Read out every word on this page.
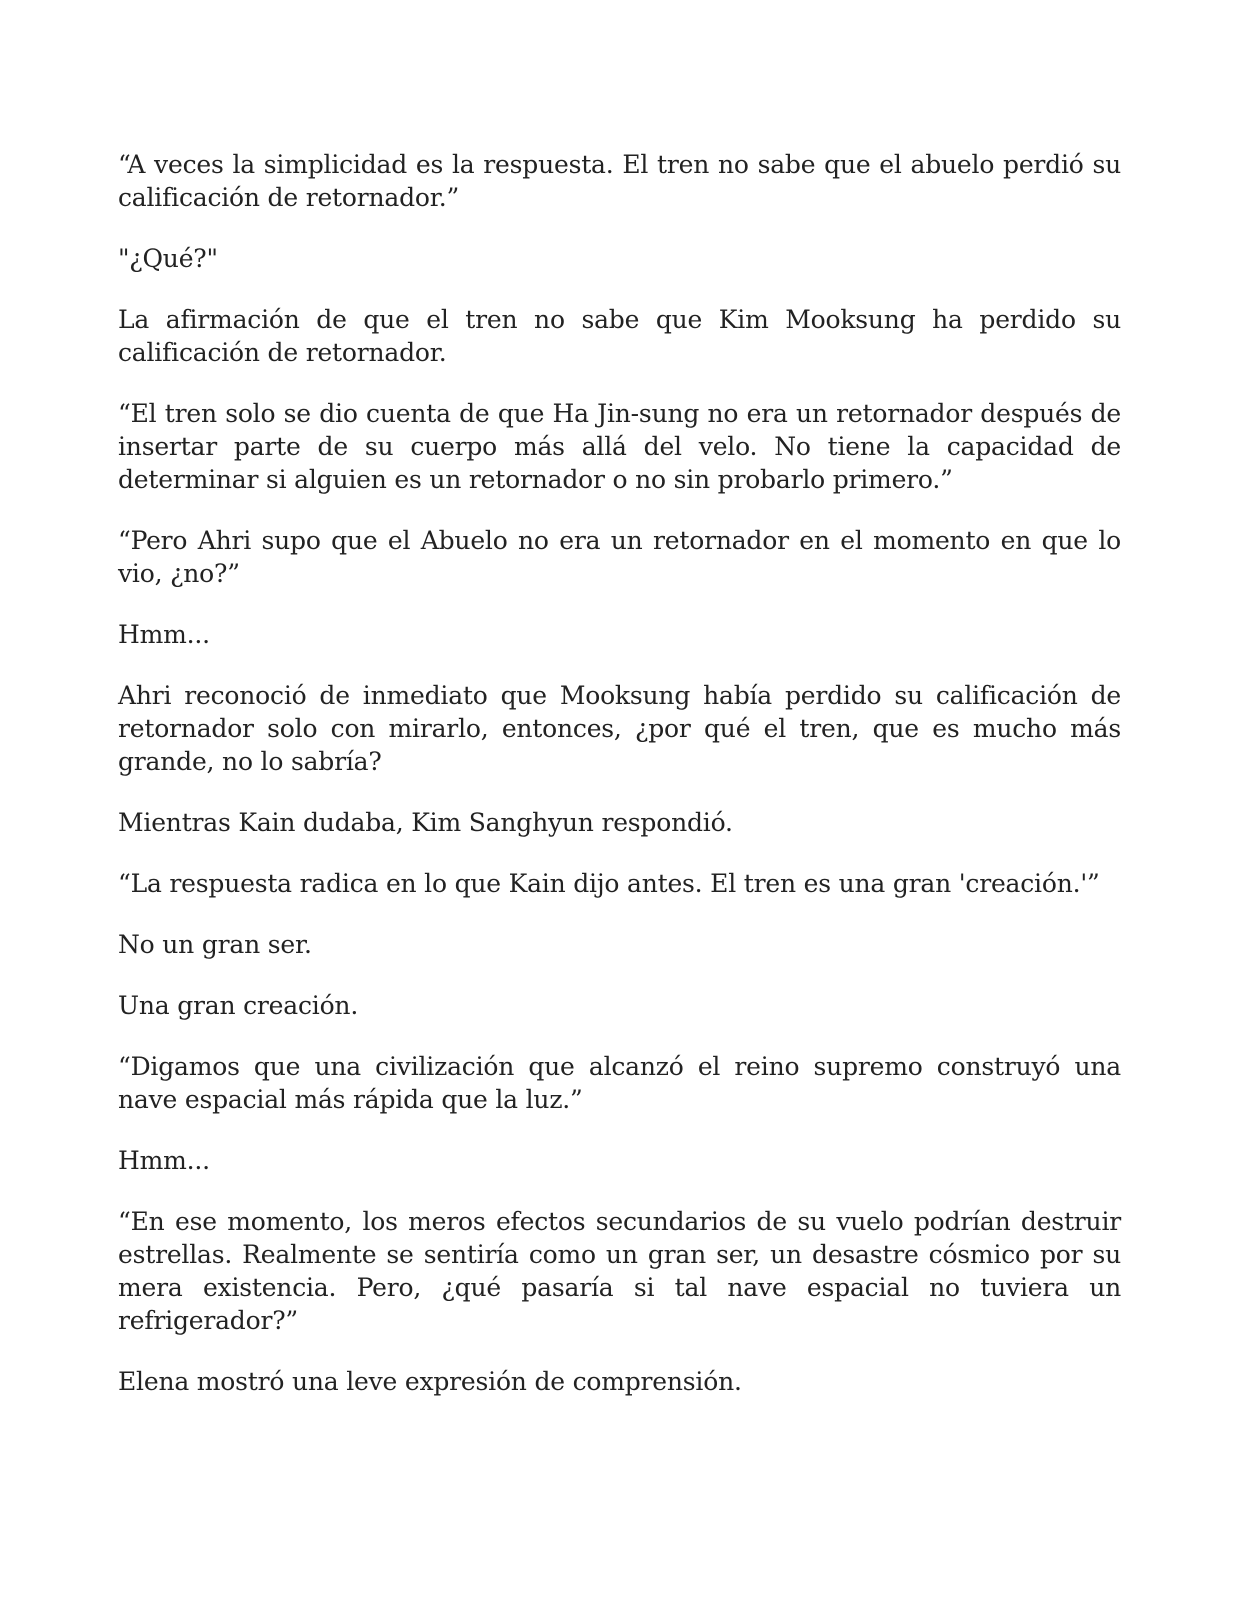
“A veces la simplicidad es la respuesta. El tren no sabe que el abuelo perdió su calificación de retornador.”

"¿Qué?"

La afirmación de que el tren no sabe que Kim Mooksung ha perdido su calificación de retornador.

“El tren solo se dio cuenta de que Ha Jin-sung no era un retornador después de insertar parte de su cuerpo más allá del velo. No tiene la capacidad de determinar si alguien es un retornador o no sin probarlo primero.”

“Pero Ahri supo que el Abuelo no era un retornador en el momento en que lo vio, ¿no?”

Hmm...

Ahri reconoció de inmediato que Mooksung había perdido su calificación de retornador solo con mirarlo, entonces, ¿por qué el tren, que es mucho más grande, no lo sabría?

Mientras Kain dudaba, Kim Sanghyun respondió.

“La respuesta radica en lo que Kain dijo antes. El tren es una gran 'creación.'”

No un gran ser.

Una gran creación.

“Digamos que una civilización que alcanzó el reino supremo construyó una nave espacial más rápida que la luz.”

Hmm...

“En ese momento, los meros efectos secundarios de su vuelo podrían destruir estrellas. Realmente se sentiría como un gran ser, un desastre cósmico por su mera existencia. Pero, ¿qué pasaría si tal nave espacial no tuviera un refrigerador?”

Elena mostró una leve expresión de comprensión.
